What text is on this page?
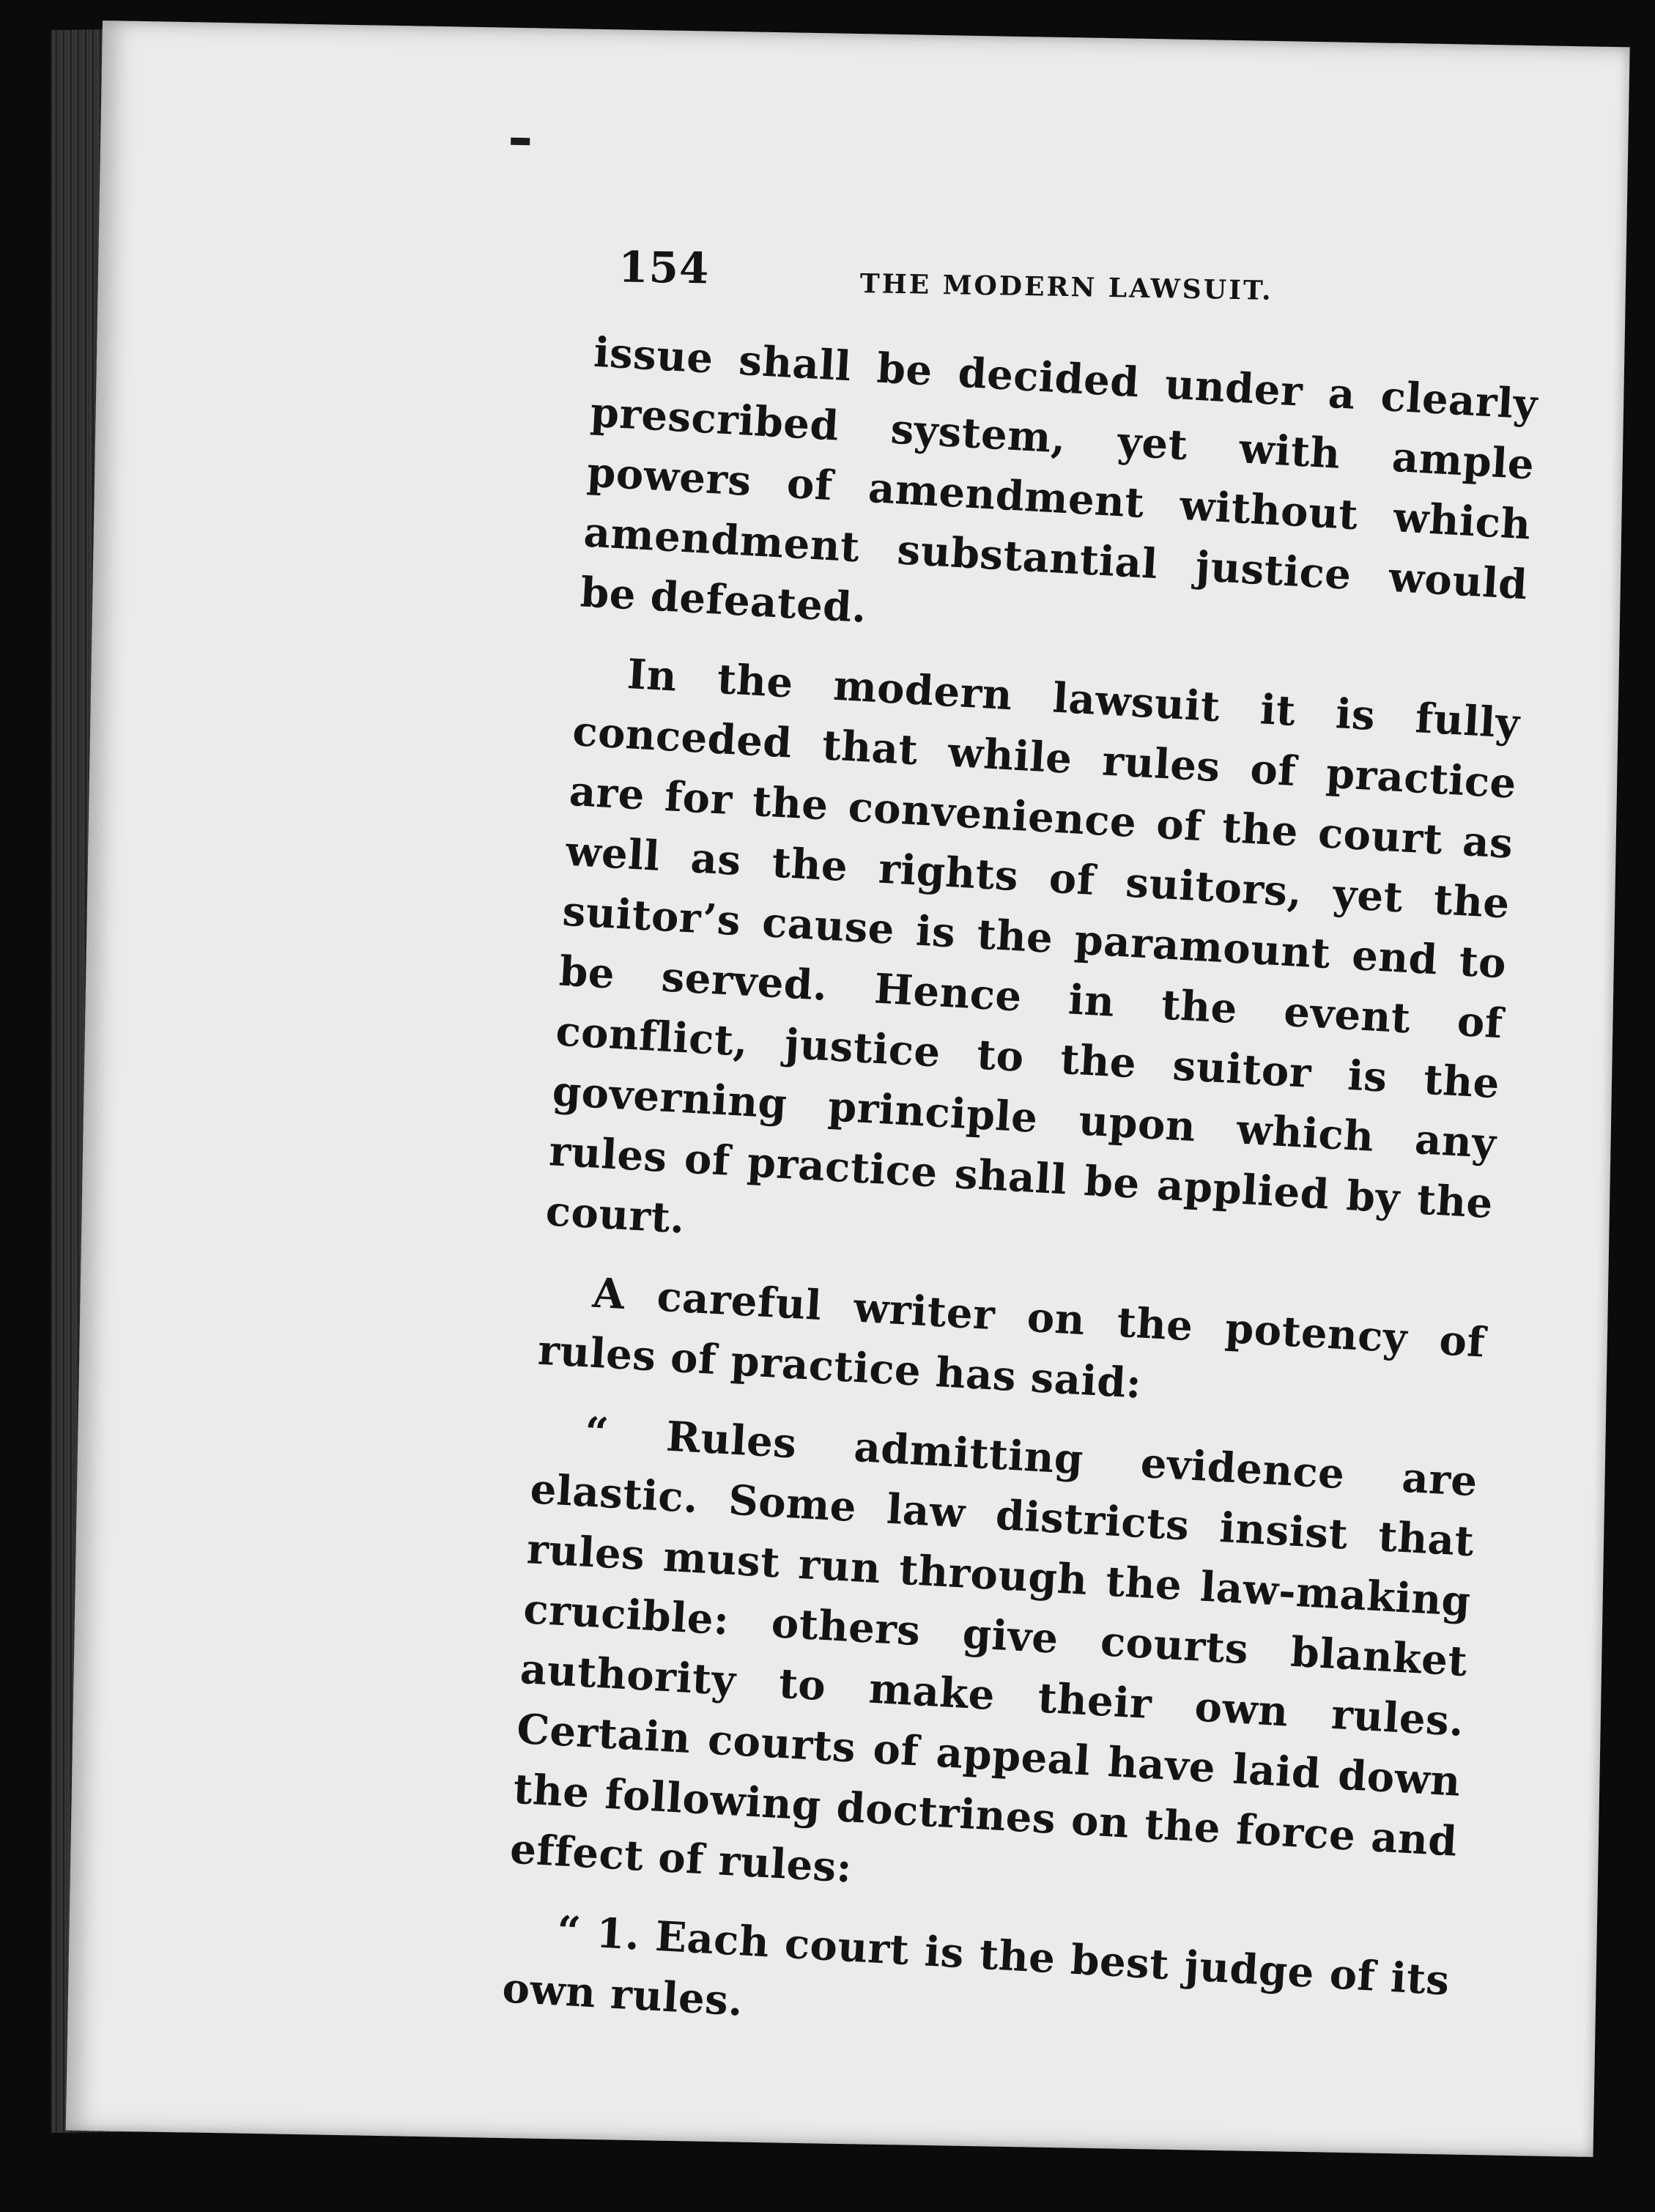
154	THE MODERN LAWSUIT.

issue shall be decided under a clearly prescribed system, yet with ample powers of amendment without which amendment substantial justice would be defeated.

In the modern lawsuit it is fully conceded that while rules of practice are for the convenience of the court as well as the rights of suitors, yet the suitor’s cause is the paramount end to be served. Hence in the event of conflict, justice to the suitor is the governing principle upon which any rules of practice shall be applied by the court.

A careful writer on the potency of rules of practice has said:

“ Rules admitting evidence are elastic. Some law districts insist that rules must run through the law-making crucible: others give courts blanket authority to make their own rules. Certain courts of appeal have laid down the following doctrines on the force and effect of rules:

“ 1. Each court is the best judge of its own rules.
